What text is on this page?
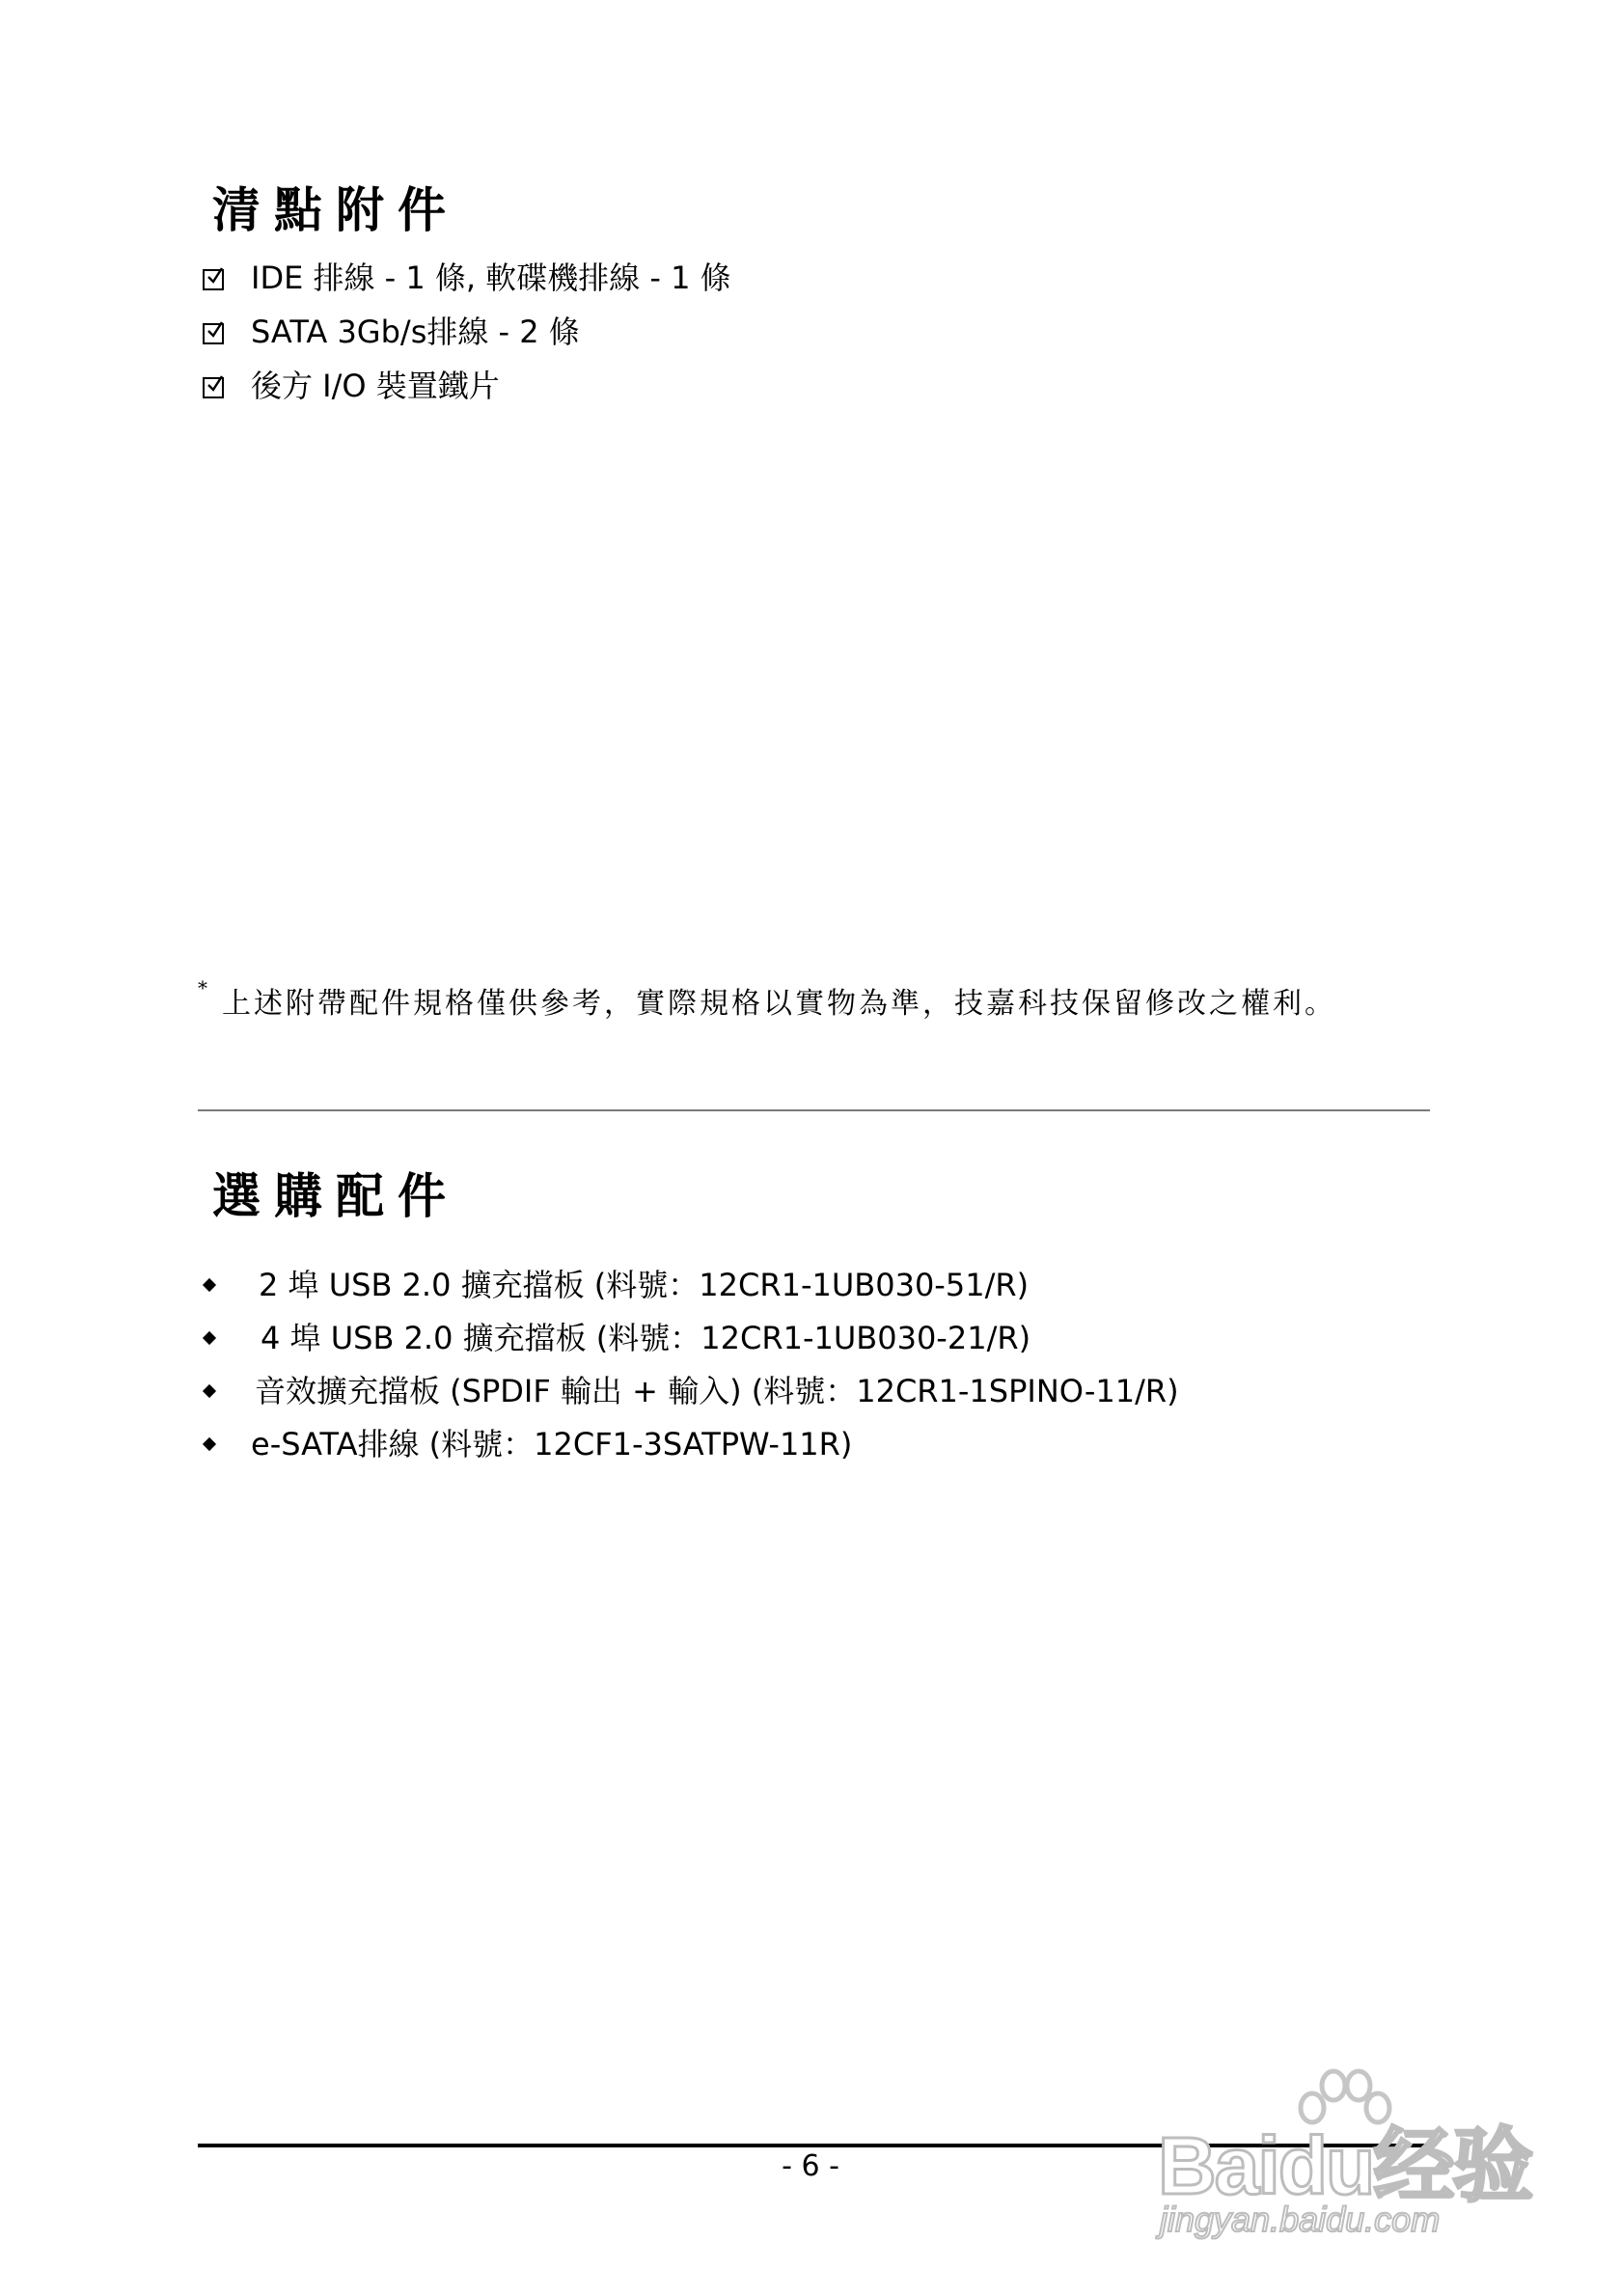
清點附件
IDE 排線 - 1 條, 軟碟機排線 - 1 條
SATA 3Gb/s排線 - 2 條
後方 I/O 裝置鐵片
* 上述附帶配件規格僅供參考，實際規格以實物為準，技嘉科技保留修改之權利。
選購配件
2 埠 USB 2.0 擴充擋板 (料號：12CR1-1UB030-51/R)
4 埠 USB 2.0 擴充擋板 (料號：12CR1-1UB030-21/R)
音效擴充擋板 (SPDIF 輸出 + 輸入) (料號：12CR1-1SPINO-11/R)
e-SATA排線 (料號：12CF1-3SATPW-11R)
- 6 -	Baidu经验
jingyan.baidu.com
